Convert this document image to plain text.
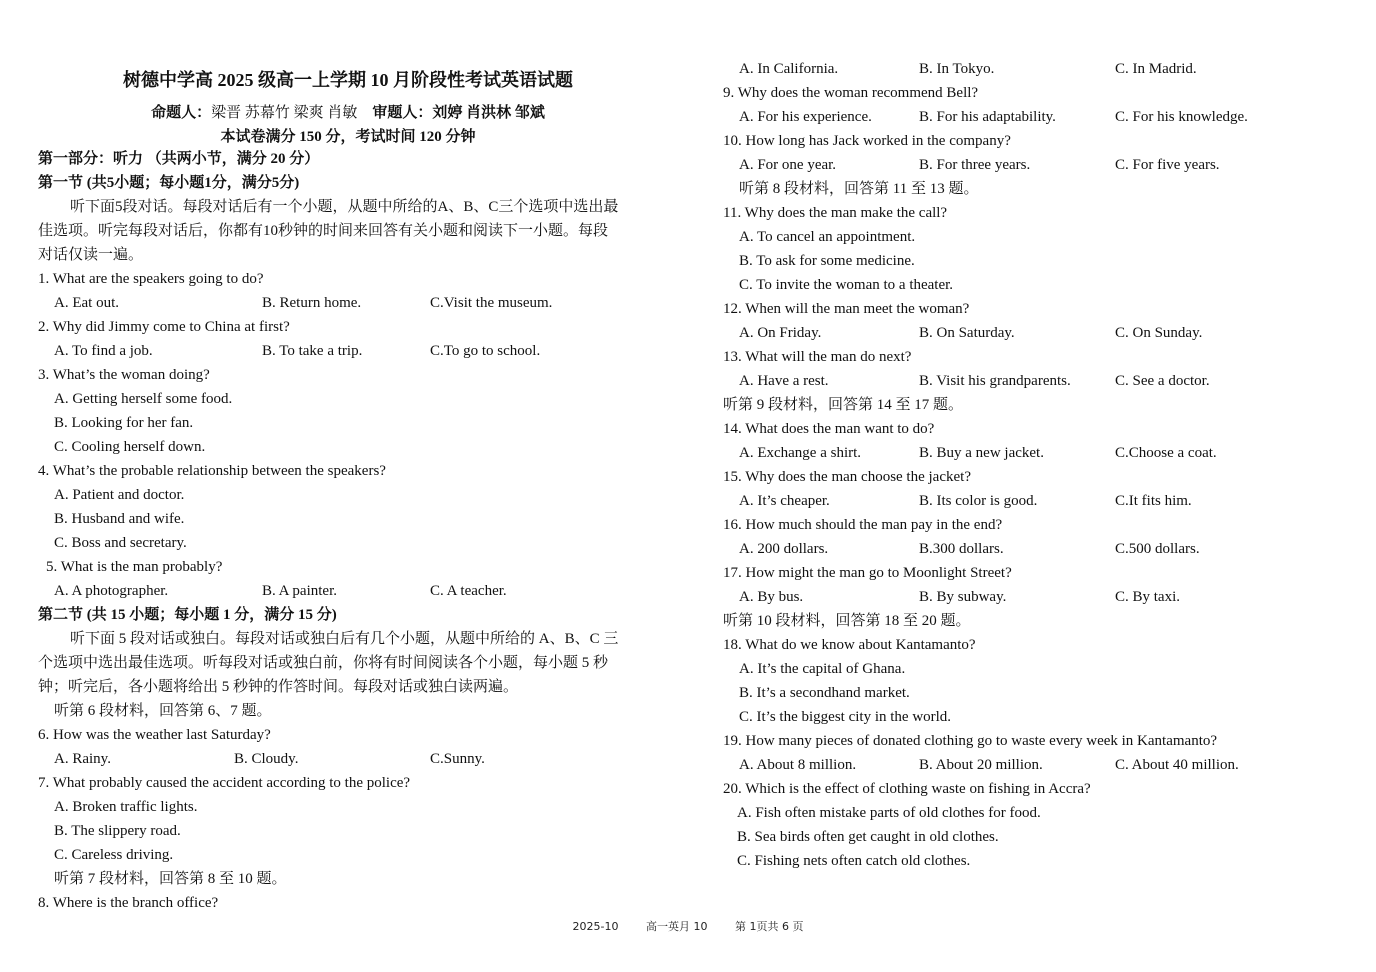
树德中学高 2025 级高一上学期 10 月阶段性考试英语试题
命题人：梁晋 苏幕竹 梁爽 肖敏 审题人：刘婷 肖洪林 邹斌
本试卷满分 150 分，考试时间 120 分钟
第一部分：听力 （共两小节，满分 20 分）
第一节 (共5小题；每小题1分，满分5分)
听下面5段对话。每段对话后有一个小题，从题中所给的A、B、C三个选项中选出最
佳选项。听完每段对话后，你都有10秒钟的时间来回答有关小题和阅读下一小题。每段
对话仅读一遍。
1. What are the speakers going to do?
A. Eat out.	B. Return home.	C.Visit the museum.
2. Why did Jimmy come to China at first?
A. To find a job.	B. To take a trip.	C.To go to school.
3. What’s the woman doing?
A. Getting herself some food.
B. Looking for her fan.
C. Cooling herself down.
4. What’s the probable relationship between the speakers?
A. Patient and doctor.
B. Husband and wife.
C. Boss and secretary.
5. What is the man probably?
A. A photographer.	B. A painter.	C. A teacher.
第二节 (共 15 小题；每小题 1 分，满分 15 分)
听下面 5 段对话或独白。每段对话或独白后有几个小题，从题中所给的 A、B、C 三
个选项中选出最佳选项。听每段对话或独白前，你将有时间阅读各个小题，每小题 5 秒
钟；听完后，各小题将给出 5 秒钟的作答时间。每段对话或独白读两遍。
听第 6 段材料，回答第 6、7 题。
6. How was the weather last Saturday?
A. Rainy.	B. Cloudy.	C.Sunny.
7. What probably caused the accident according to the police?
A. Broken traffic lights.
B. The slippery road.
C. Careless driving.
听第 7 段材料，回答第 8 至 10 题。
8. Where is the branch office?
A. In California.	B. In Tokyo.	C. In Madrid.
9. Why does the woman recommend Bell?
A. For his experience.	B. For his adaptability.	C. For his knowledge.
10. How long has Jack worked in the company?
A. For one year.	B. For three years.	C. For five years.
听第 8 段材料，回答第 11 至 13 题。
11. Why does the man make the call?
A. To cancel an appointment.
B. To ask for some medicine.
C. To invite the woman to a theater.
12. When will the man meet the woman?
A. On Friday.	B. On Saturday.	C. On Sunday.
13. What will the man do next?
A. Have a rest.	B. Visit his grandparents.	C. See a doctor.
听第 9 段材料，回答第 14 至 17 题。
14. What does the man want to do?
A. Exchange a shirt.	B. Buy a new jacket.	C.Choose a coat.
15. Why does the man choose the jacket?
A. It’s cheaper.	B. Its color is good.	C.It fits him.
16. How much should the man pay in the end?
A. 200 dollars.	B.300 dollars.	C.500 dollars.
17. How might the man go to Moonlight Street?
A. By bus.	B. By subway.	C. By taxi.
听第 10 段材料，回答第 18 至 20 题。
18. What do we know about Kantamanto?
A. It’s the capital of Ghana.
B. It’s a secondhand market.
C. It’s the biggest city in the world.
19. How many pieces of donated clothing go to waste every week in Kantamanto?
A. About 8 million.	B. About 20 million.	C. About 40 million.
20. Which is the effect of clothing waste on fishing in Accra?
A. Fish often mistake parts of old clothes for food.
B. Sea birds often get caught in old clothes.
C. Fishing nets often catch old clothes.
2025-10	高一英月 10	第 1页共 6 页
